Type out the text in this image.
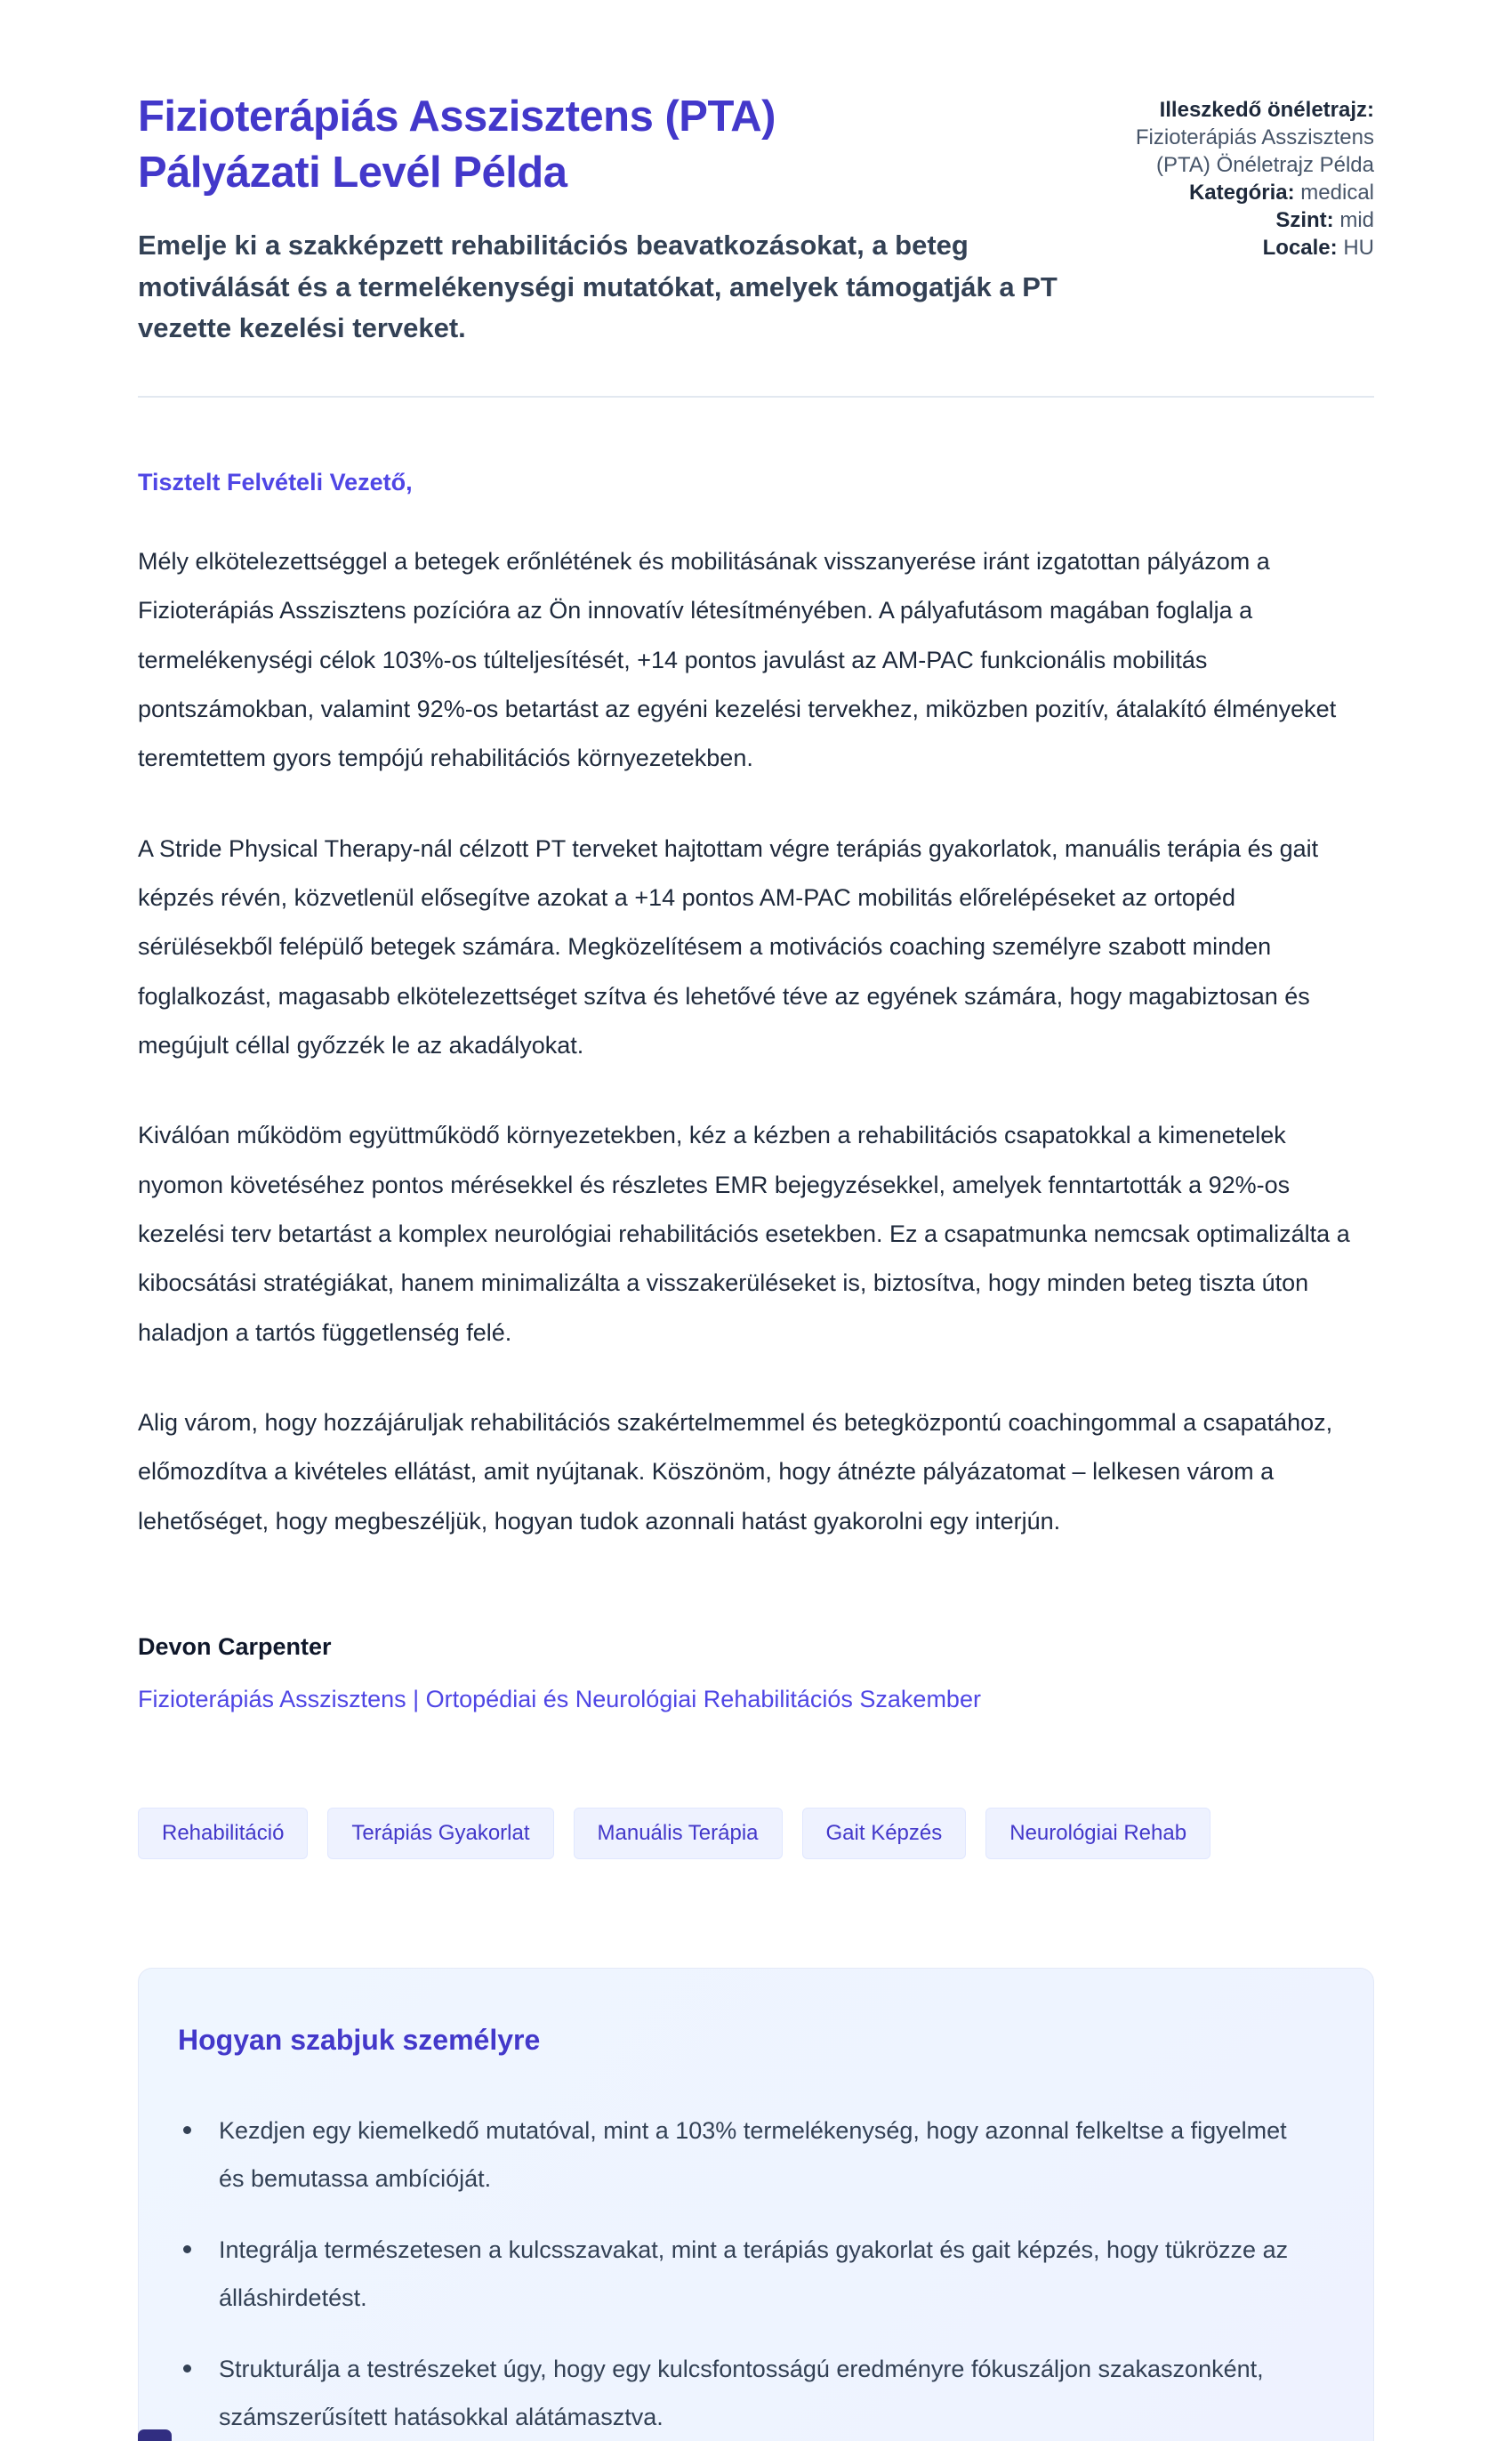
Fizioterápiás Asszisztens (PTA) Pályázati Levél Példa

Emelje ki a szakképzett rehabilitációs beavatkozásokat, a beteg motiválását és a termelékenységi mutatókat, amelyek támogatják a PT vezette kezelési terveket.

Illeszkedő önéletrajz:
Fizioterápiás Asszisztens (PTA) Önéletrajz Példa
Kategória: medical
Szint: mid
Locale: HU

Tisztelt Felvételi Vezető,

Mély elkötelezettséggel a betegek erőnlétének és mobilitásának visszanyerése iránt izgatottan pályázom a Fizioterápiás Asszisztens pozícióra az Ön innovatív létesítményében. A pályafutásom magában foglalja a termelékenységi célok 103%-os túlteljesítését, +14 pontos javulást az AM-PAC funkcionális mobilitás pontszámokban, valamint 92%-os betartást az egyéni kezelési tervekhez, miközben pozitív, átalakító élményeket teremtettem gyors tempójú rehabilitációs környezetekben.

A Stride Physical Therapy-nál célzott PT terveket hajtottam végre terápiás gyakorlatok, manuális terápia és gait képzés révén, közvetlenül elősegítve azokat a +14 pontos AM-PAC mobilitás előrelépéseket az ortopéd sérülésekből felépülő betegek számára. Megközelítésem a motivációs coaching személyre szabott minden foglalkozást, magasabb elkötelezettséget szítva és lehetővé téve az egyének számára, hogy magabiztosan és megújult céllal győzzék le az akadályokat.

Kiválóan működöm együttműködő környezetekben, kéz a kézben a rehabilitációs csapatokkal a kimenetelek nyomon követéséhez pontos mérésekkel és részletes EMR bejegyzésekkel, amelyek fenntartották a 92%-os kezelési terv betartást a komplex neurológiai rehabilitációs esetekben. Ez a csapatmunka nemcsak optimalizálta a kibocsátási stratégiákat, hanem minimalizálta a visszakerüléseket is, biztosítva, hogy minden beteg tiszta úton haladjon a tartós függetlenség felé.

Alig várom, hogy hozzájáruljak rehabilitációs szakértelmemmel és betegközpontú coachingommal a csapatához, előmozdítva a kivételes ellátást, amit nyújtanak. Köszönöm, hogy átnézte pályázatomat – lelkesen várom a lehetőséget, hogy megbeszéljük, hogyan tudok azonnali hatást gyakorolni egy interjún.

Devon Carpenter

Fizioterápiás Asszisztens | Ortopédiai és Neurológiai Rehabilitációs Szakember

Rehabilitáció	Terápiás Gyakorlat	Manuális Terápia	Gait Képzés	Neurológiai Rehab
Hogyan szabjuk személyre
Kezdjen egy kiemelkedő mutatóval, mint a 103% termelékenység, hogy azonnal felkeltse a figyelmet és bemutassa ambícióját.
Integrálja természetesen a kulcsszavakat, mint a terápiás gyakorlat és gait képzés, hogy tükrözze az álláshirdetést.
Strukturálja a testrészeket úgy, hogy egy kulcsfontosságú eredményre fókuszáljon szakaszonként, számszerűsített hatásokkal alátámasztva.
